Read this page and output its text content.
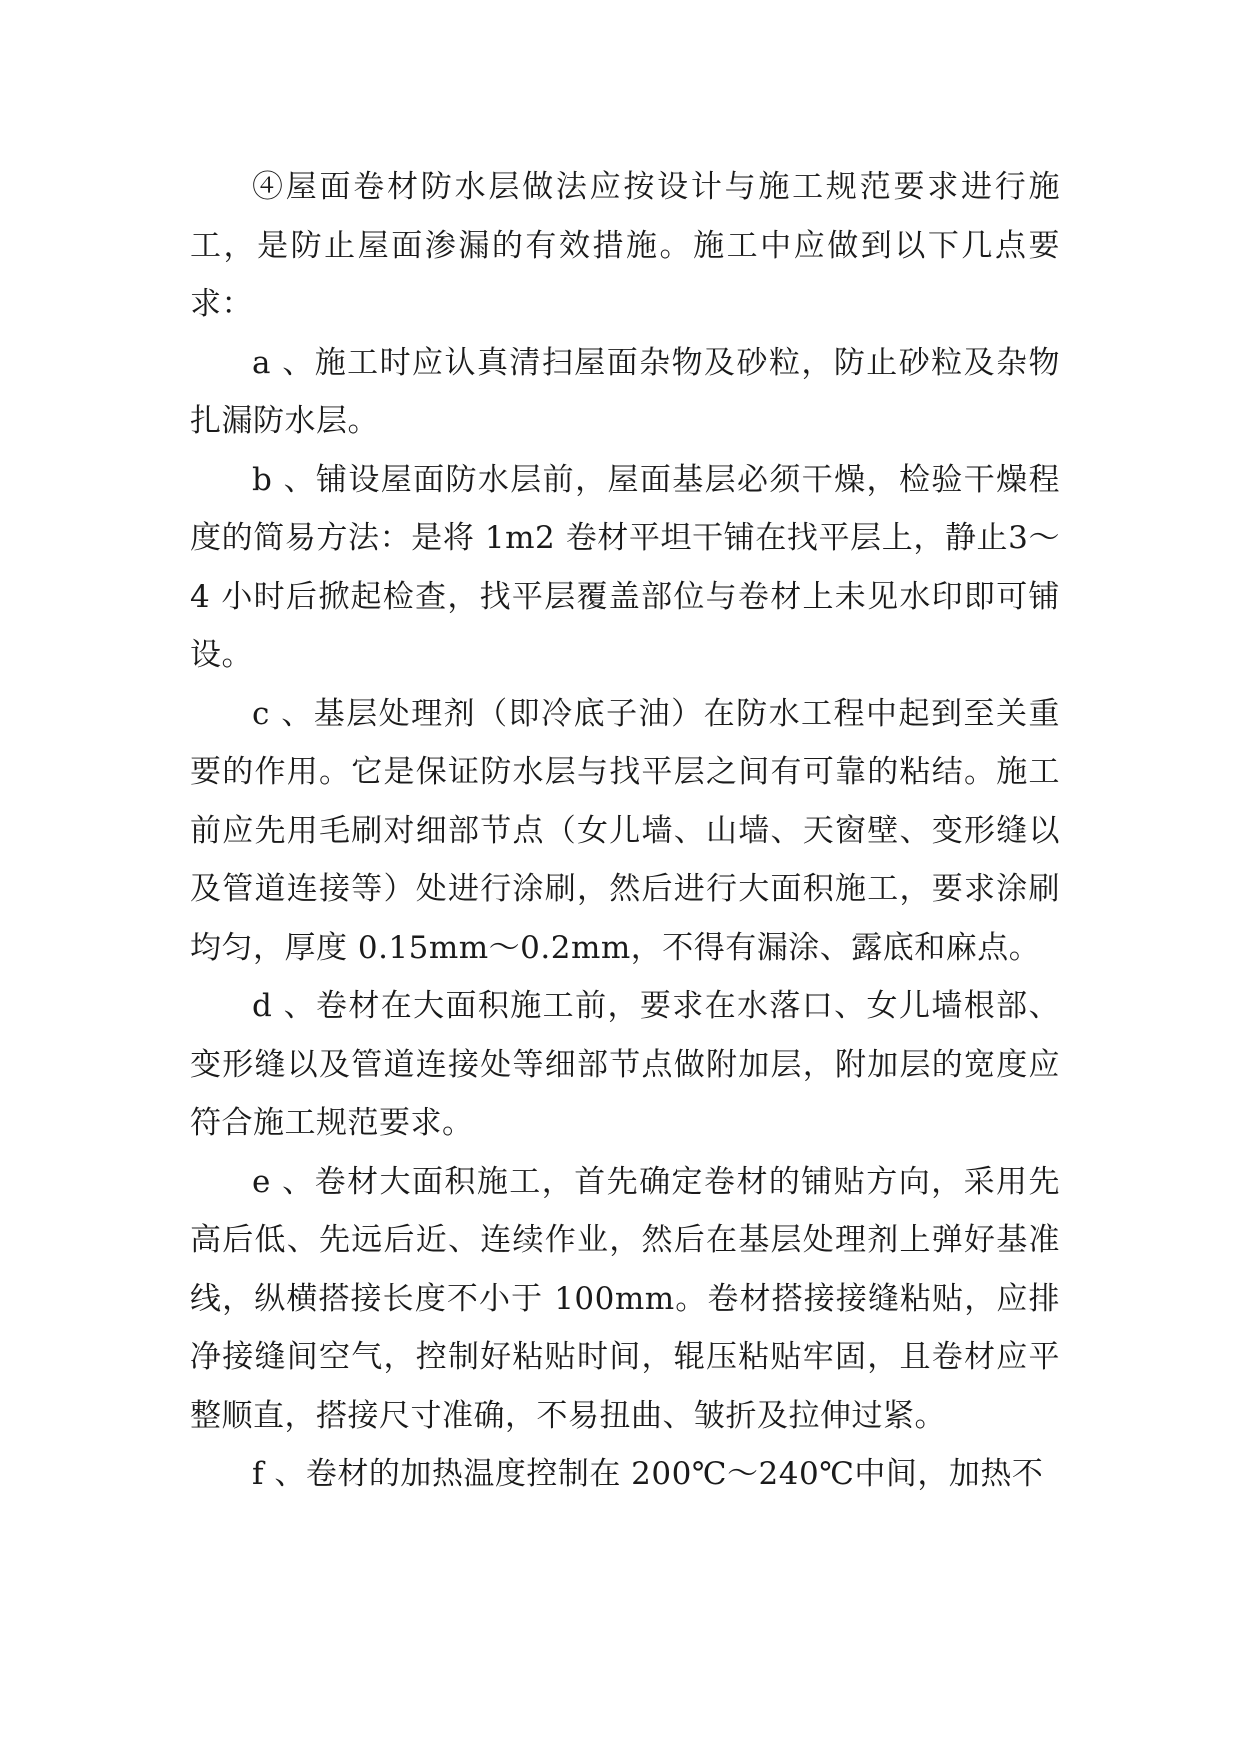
④屋面卷材防水层做法应按设计与施工规范要求进行施工，是防止屋面渗漏的有效措施。施工中应做到以下几点要求：

a 、施工时应认真清扫屋面杂物及砂粒，防止砂粒及杂物扎漏防水层。

b 、铺设屋面防水层前，屋面基层必须干燥，检验干燥程度的简易方法：是将 1m2 卷材平坦干铺在找平层上，静止3～4 小时后掀起检查，找平层覆盖部位与卷材上未见水印即可铺设。

c 、基层处理剂（即冷底子油）在防水工程中起到至关重要的作用。它是保证防水层与找平层之间有可靠的粘结。施工前应先用毛刷对细部节点（女儿墙、山墙、天窗壁、变形缝以及管道连接等）处进行涂刷，然后进行大面积施工，要求涂刷均匀，厚度 0.15mm～0.2mm，不得有漏涂、露底和麻点。

d 、卷材在大面积施工前，要求在水落口、女儿墙根部、变形缝以及管道连接处等细部节点做附加层，附加层的宽度应符合施工规范要求。

e 、卷材大面积施工，首先确定卷材的铺贴方向，采用先高后低、先远后近、连续作业，然后在基层处理剂上弹好基准线，纵横搭接长度不小于 100mm。卷材搭接接缝粘贴，应排净接缝间空气，控制好粘贴时间，辊压粘贴牢固，且卷材应平整顺直，搭接尺寸准确，不易扭曲、皱折及拉伸过紧。

f 、卷材的加热温度控制在 200℃～240℃中间，加热不
